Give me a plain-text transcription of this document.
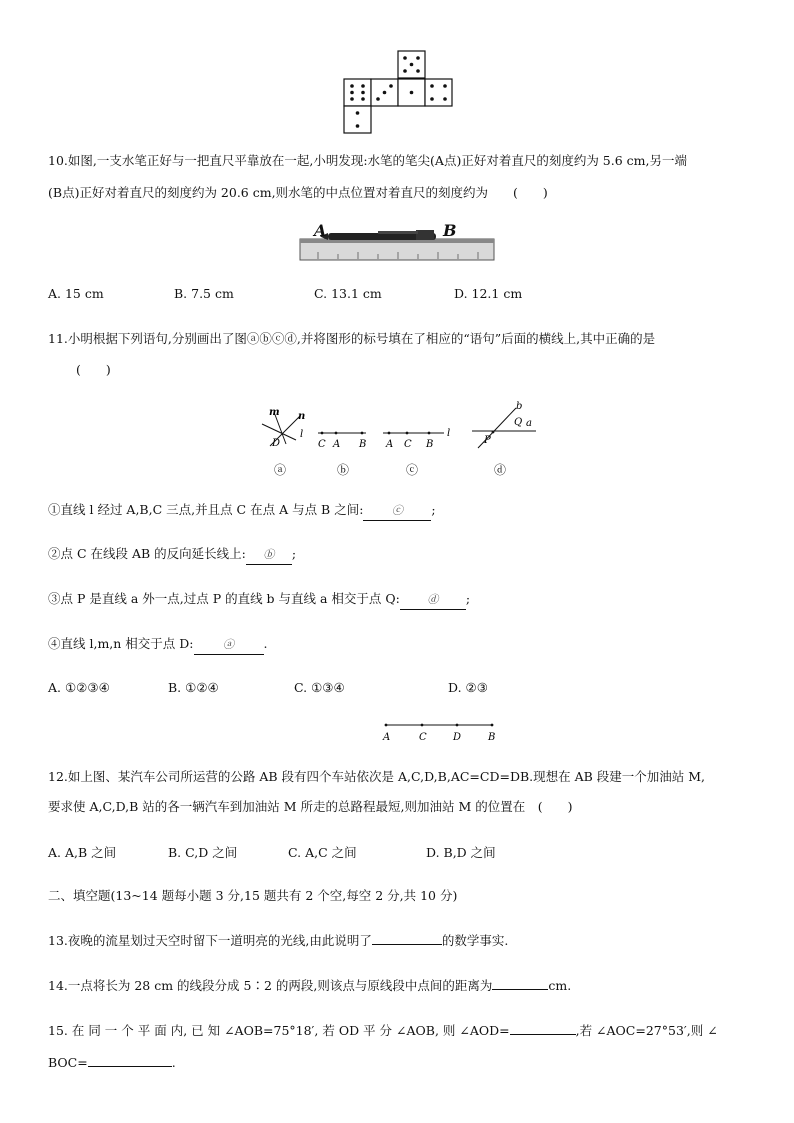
10.如图,一支水笔正好与一把直尺平靠放在一起,小明发现:水笔的笔尖(A点)正好对着直尺的刻度约为 5.6 cm,另一端
(B点)正好对着直尺的刻度约为 20.6 cm,则水笔的中点位置对着直尺的刻度约为　　(　　)
A	B
A. 15 cm	B. 7.5 cm	C. 13.1 cm	D. 12.1 cm
11.小明根据下列语句,分别画出了图ⓐⓑⓒⓓ,并将图形的标号填在了相应的“语句”后面的横线上,其中正确的是
(　　)
m n
l
D	C A B A C B
l
b
Q a
P
ⓐ	ⓑ	ⓒ	ⓓ
①直线 l 经过 A,B,C 三点,并且点 C 在点 A 与点 B 之间:	ⓒ ;
②点 C 在线段 AB 的反向延长线上: ⓑ ;
③点 P 是直线 a 外一点,过点 P 的直线 b 与直线 a 相交于点 Q:	ⓓ ;
④直线 l,m,n 相交于点 D:	ⓐ .
A. ①②③④	B. ①②④	C. ①③④	D. ②③
A	C	D	B
12.如上图、某汽车公司所运营的公路 AB 段有四个车站依次是 A,C,D,B,AC=CD=DB.现想在 AB 段建一个加油站 M,
要求使 A,C,D,B 站的各一辆汽车到加油站 M 所走的总路程最短,则加油站 M 的位置在　(　　)
A. A,B 之间	B. C,D 之间	C. A,C 之间	D. B,D 之间
二、填空题(13~14 题每小题 3 分,15 题共有 2 个空,每空 2 分,共 10 分)
13.夜晚的流星划过天空时留下一道明亮的光线,由此说明了	的数学事实.
14.一点将长为 28 cm 的线段分成 5∶2 的两段,则该点与原线段中点间的距离为	cm.
15. 在 同 一 个 平 面 内, 已 知 ∠AOB=75°18′, 若 OD 平 分 ∠AOB, 则 ∠AOD=	,若 ∠AOC=27°53′,则 ∠
BOC=	.
